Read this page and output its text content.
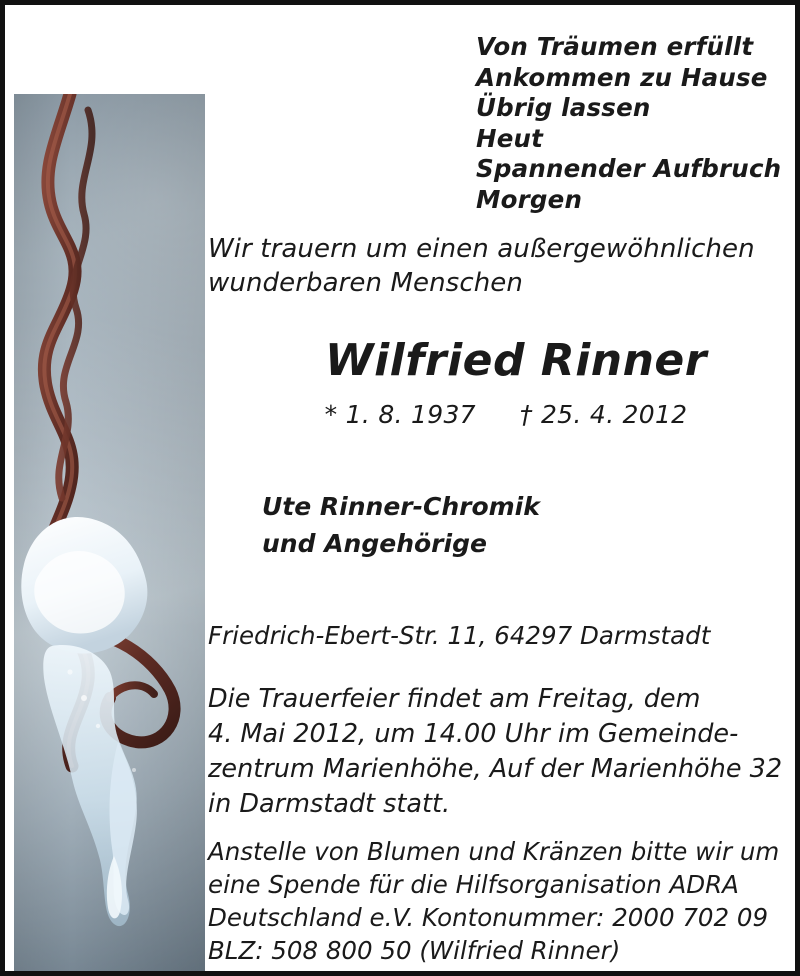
Von Träumen erfüllt
Ankommen zu Hause
Übrig lassen
Heut
Spannender Aufbruch
Morgen
Wir trauern um einen außergewöhnlichen
wunderbaren Menschen
Wilfried Rinner
* 1. 8. 1937 † 25. 4. 2012
Ute Rinner-Chromik
und Angehörige
Friedrich-Ebert-Str. 11, 64297 Darmstadt
Die Trauerfeier findet am Freitag, dem
4. Mai 2012, um 14.00 Uhr im Gemeinde-
zentrum Marienhöhe, Auf der Marienhöhe 32
in Darmstadt statt.
Anstelle von Blumen und Kränzen bitte wir um
eine Spende für die Hilfsorganisation ADRA
Deutschland e.V. Kontonummer: 2000 702 09
BLZ: 508 800 50 (Wilfried Rinner)
